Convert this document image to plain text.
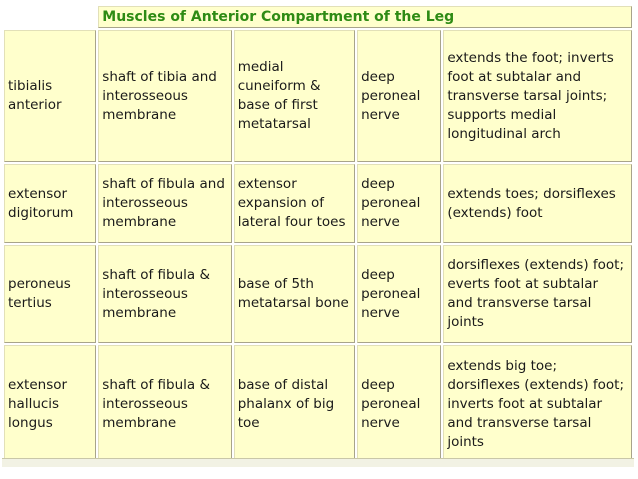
	Muscles of Anterior Compartment of the Leg			
tibialis anterior	shaft of tibia and interosseous membrane	medial cuneiform & base of first metatarsal	deep peroneal nerve	extends the foot; inverts foot at subtalar and transverse tarsal joints; supports medial longitudinal arch
extensor digitorum	shaft of fibula and interosseous membrane	extensor expansion of lateral four toes	deep peroneal nerve	extends toes; dorsiflexes (extends) foot
peroneus tertius	shaft of fibula & interosseous membrane	base of 5th metatarsal bone	deep peroneal nerve	dorsiflexes (extends) foot; everts foot at subtalar and transverse tarsal joints
extensor hallucis longus	shaft of fibula & interosseous membrane	base of distal phalanx of big toe	deep peroneal nerve	extends big toe; dorsiflexes (extends) foot; inverts foot at subtalar and transverse tarsal joints
